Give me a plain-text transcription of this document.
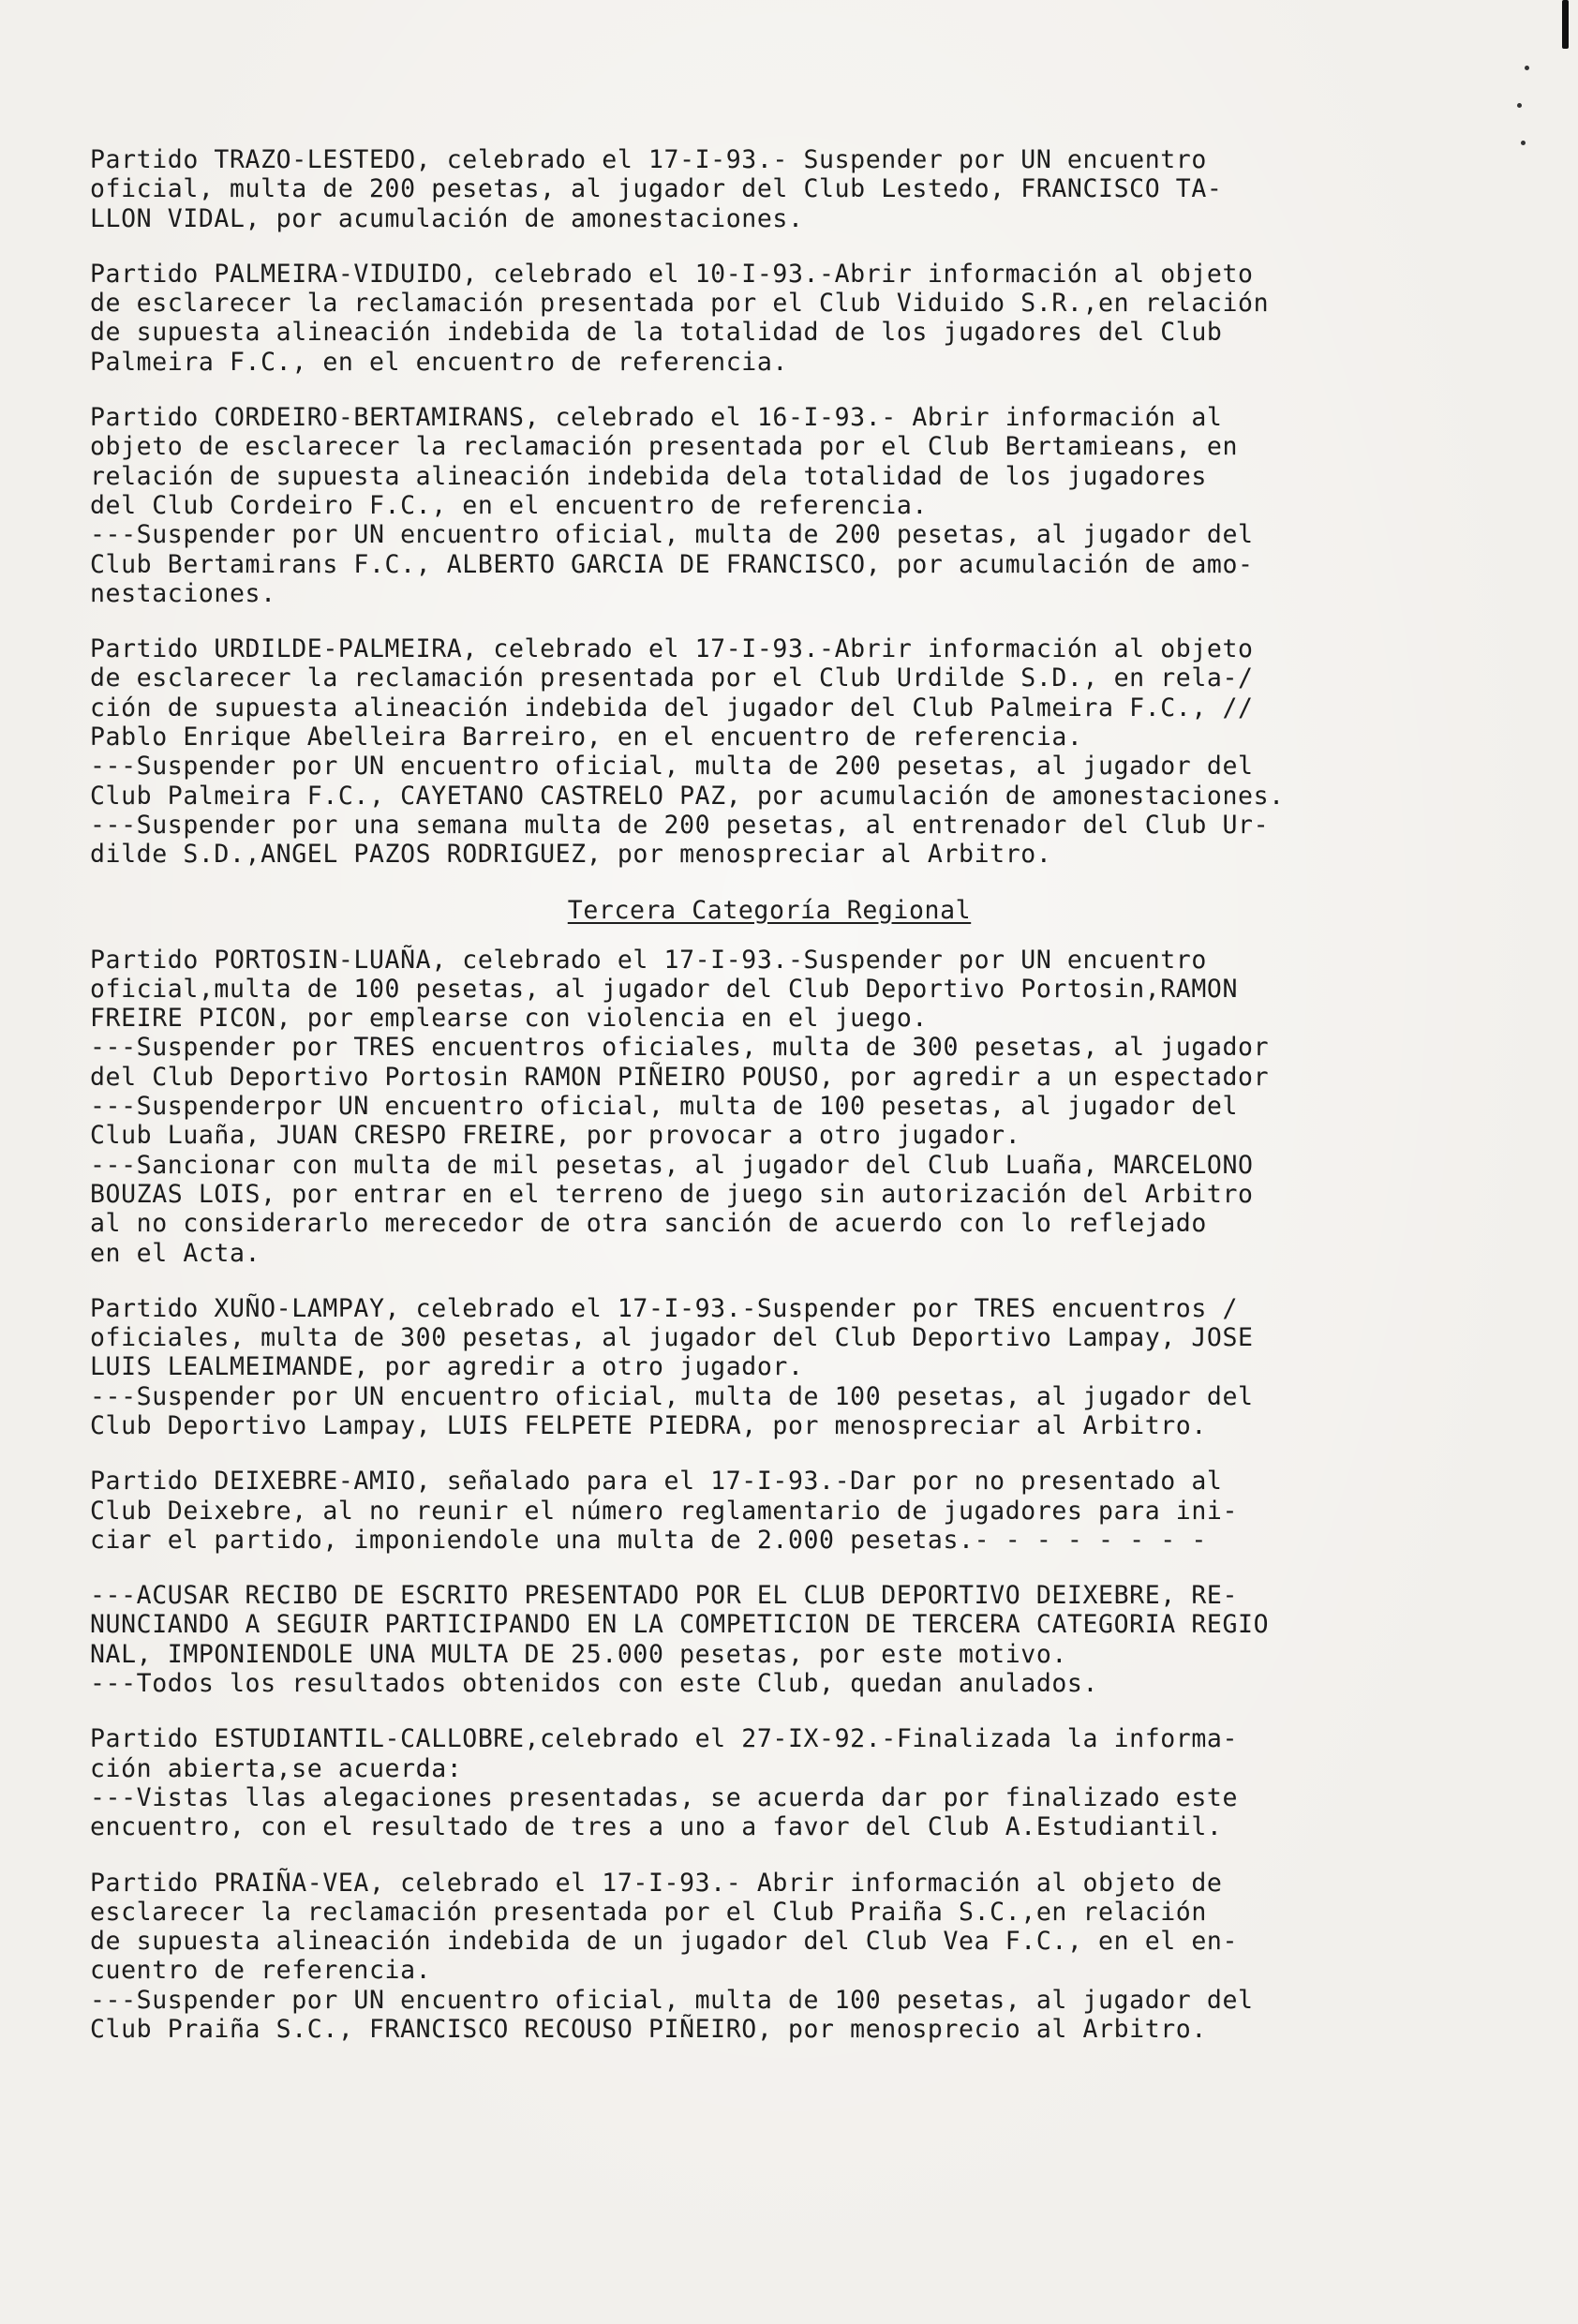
Partido TRAZO-LESTEDO, celebrado el 17-I-93.- Suspender por UN encuentro
oficial, multa de 200 pesetas, al jugador del Club Lestedo, FRANCISCO TA-
LLON VIDAL, por acumulación de amonestaciones.
Partido PALMEIRA-VIDUIDO, celebrado el 10-I-93.-Abrir información al objeto
de esclarecer la reclamación presentada por el Club Viduido S.R.,en relación
de supuesta alineación indebida de la totalidad de los jugadores del Club
Palmeira F.C., en el encuentro de referencia.
Partido CORDEIRO-BERTAMIRANS, celebrado el 16-I-93.- Abrir información al
objeto de esclarecer la reclamación presentada por el Club Bertamieans, en
relación de supuesta alineación indebida dela totalidad de los jugadores
del Club Cordeiro F.C., en el encuentro de referencia.
---Suspender por UN encuentro oficial, multa de 200 pesetas, al jugador del
Club Bertamirans F.C., ALBERTO GARCIA DE FRANCISCO, por acumulación de amo-
nestaciones.
Partido URDILDE-PALMEIRA, celebrado el 17-I-93.-Abrir información al objeto
de esclarecer la reclamación presentada por el Club Urdilde S.D., en rela-/
ción de supuesta alineación indebida del jugador del Club Palmeira F.C., //
Pablo Enrique Abelleira Barreiro, en el encuentro de referencia.
---Suspender por UN encuentro oficial, multa de 200 pesetas, al jugador del
Club Palmeira F.C., CAYETANO CASTRELO PAZ, por acumulación de amonestaciones.
---Suspender por una semana multa de 200 pesetas, al entrenador del Club Ur-
dilde S.D.,ANGEL PAZOS RODRIGUEZ, por menospreciar al Arbitro.
Tercera Categoría Regional
Partido PORTOSIN-LUAÑA, celebrado el 17-I-93.-Suspender por UN encuentro
oficial,multa de 100 pesetas, al jugador del Club Deportivo Portosin,RAMON
FREIRE PICON, por emplearse con violencia en el juego.
---Suspender por TRES encuentros oficiales, multa de 300 pesetas, al jugador
del Club Deportivo Portosin RAMON PIÑEIRO POUSO, por agredir a un espectador
---Suspenderpor UN encuentro oficial, multa de 100 pesetas, al jugador del
Club Luaña, JUAN CRESPO FREIRE, por provocar a otro jugador.
---Sancionar con multa de mil pesetas, al jugador del Club Luaña, MARCELONO
BOUZAS LOIS, por entrar en el terreno de juego sin autorización del Arbitro
al no considerarlo merecedor de otra sanción de acuerdo con lo reflejado
en el Acta.
Partido XUÑO-LAMPAY, celebrado el 17-I-93.-Suspender por TRES encuentros /
oficiales, multa de 300 pesetas, al jugador del Club Deportivo Lampay, JOSE
LUIS LEALMEIMANDE, por agredir a otro jugador.
---Suspender por UN encuentro oficial, multa de 100 pesetas, al jugador del
Club Deportivo Lampay, LUIS FELPETE PIEDRA, por menospreciar al Arbitro.
Partido DEIXEBRE-AMIO, señalado para el 17-I-93.-Dar por no presentado al
Club Deixebre, al no reunir el número reglamentario de jugadores para ini-
ciar el partido, imponiendole una multa de 2.000 pesetas.- - - - - - - -
---ACUSAR RECIBO DE ESCRITO PRESENTADO POR EL CLUB DEPORTIVO DEIXEBRE, RE-
NUNCIANDO A SEGUIR PARTICIPANDO EN LA COMPETICION DE TERCERA CATEGORIA REGIO
NAL, IMPONIENDOLE UNA MULTA DE 25.000 pesetas, por este motivo.
---Todos los resultados obtenidos con este Club, quedan anulados.
Partido ESTUDIANTIL-CALLOBRE,celebrado el 27-IX-92.-Finalizada la informa-
ción abierta,se acuerda:
---Vistas llas alegaciones presentadas, se acuerda dar por finalizado este
encuentro, con el resultado de tres a uno a favor del Club A.Estudiantil.
Partido PRAIÑA-VEA, celebrado el 17-I-93.- Abrir información al objeto de
esclarecer la reclamación presentada por el Club Praiña S.C.,en relación
de supuesta alineación indebida de un jugador del Club Vea F.C., en el en-
cuentro de referencia.
---Suspender por UN encuentro oficial, multa de 100 pesetas, al jugador del
Club Praiña S.C., FRANCISCO RECOUSO PIÑEIRO, por menosprecio al Arbitro.
